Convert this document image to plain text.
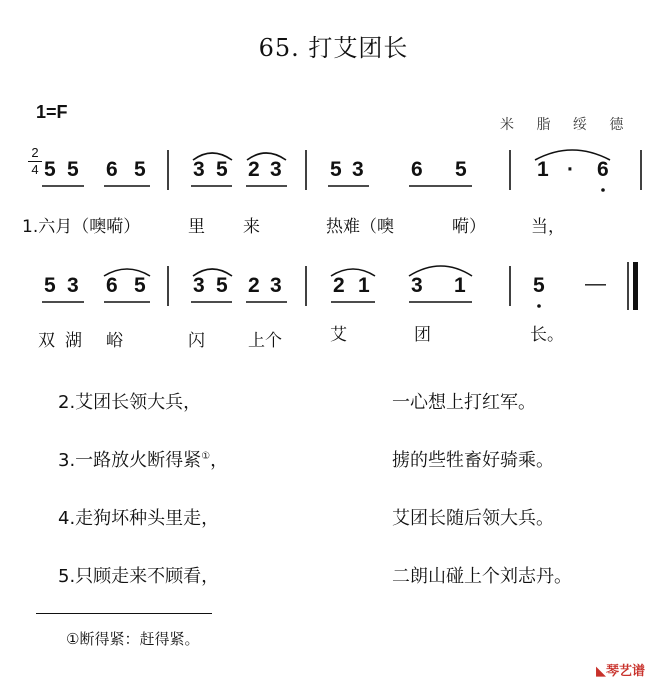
65. 打艾团长
1=F
米 脂 绥 德
2
4 5 5 6 5 3 5 2 3 5 3 6 5	1 · 6
1.六月（噢嗬）	里 来	热难（噢	嗬）	当，
5 3 6 5 3 5 2 3 2 1 3 1	5 —
双湖 峪	闪	上个	艾	团	长。
2.艾团长领大兵，	一心想上打红军。
3.一路放火断得紧①，	掳的些牲畜好骑乘。
4.走狗坏种头里走，	艾团长随后领大兵。
5.只顾走来不顾看，	二朗山碰上个刘志丹。
①断得紧：赶得紧。
◣琴艺谱
